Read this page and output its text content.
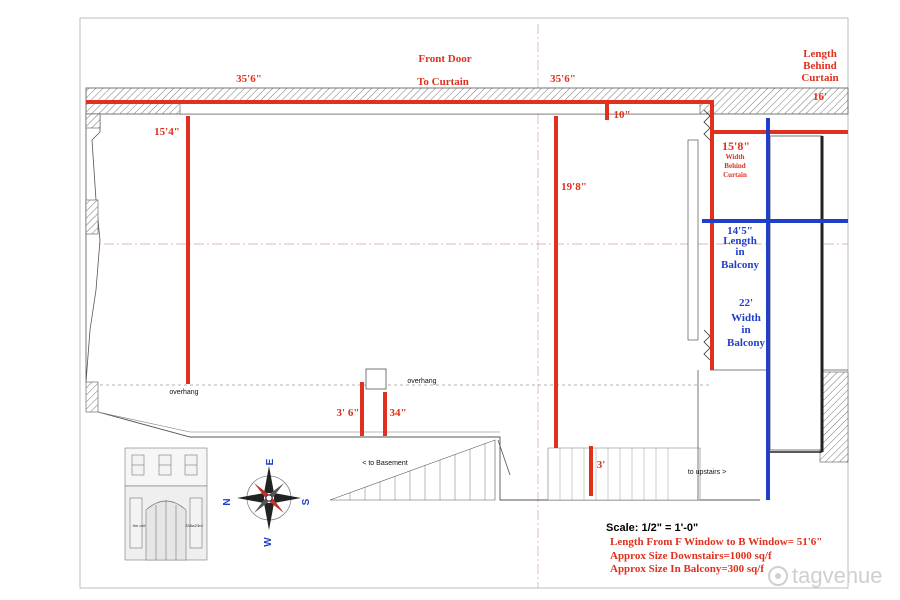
Front Door
To Curtain
35'6"	35'6"
Length
Behind
Curtain
16'
15'4"
10"
19'8"
15'8"
Width
Behind
Curtain
14'5"
Length
in
Balcony
22'
Width
in
Balcony
overhang
overhang
3' 6"	34"
3'
< to Basement
to upstairs >
the cell	338w23rd
E
N	S
W
Scale: 1/2" = 1'-0"
Length From F Window to B Window= 51'6"
Approx Size Downstairs=1000 sq/f
Approx Size In Balcony=300 sq/f tagvenue
